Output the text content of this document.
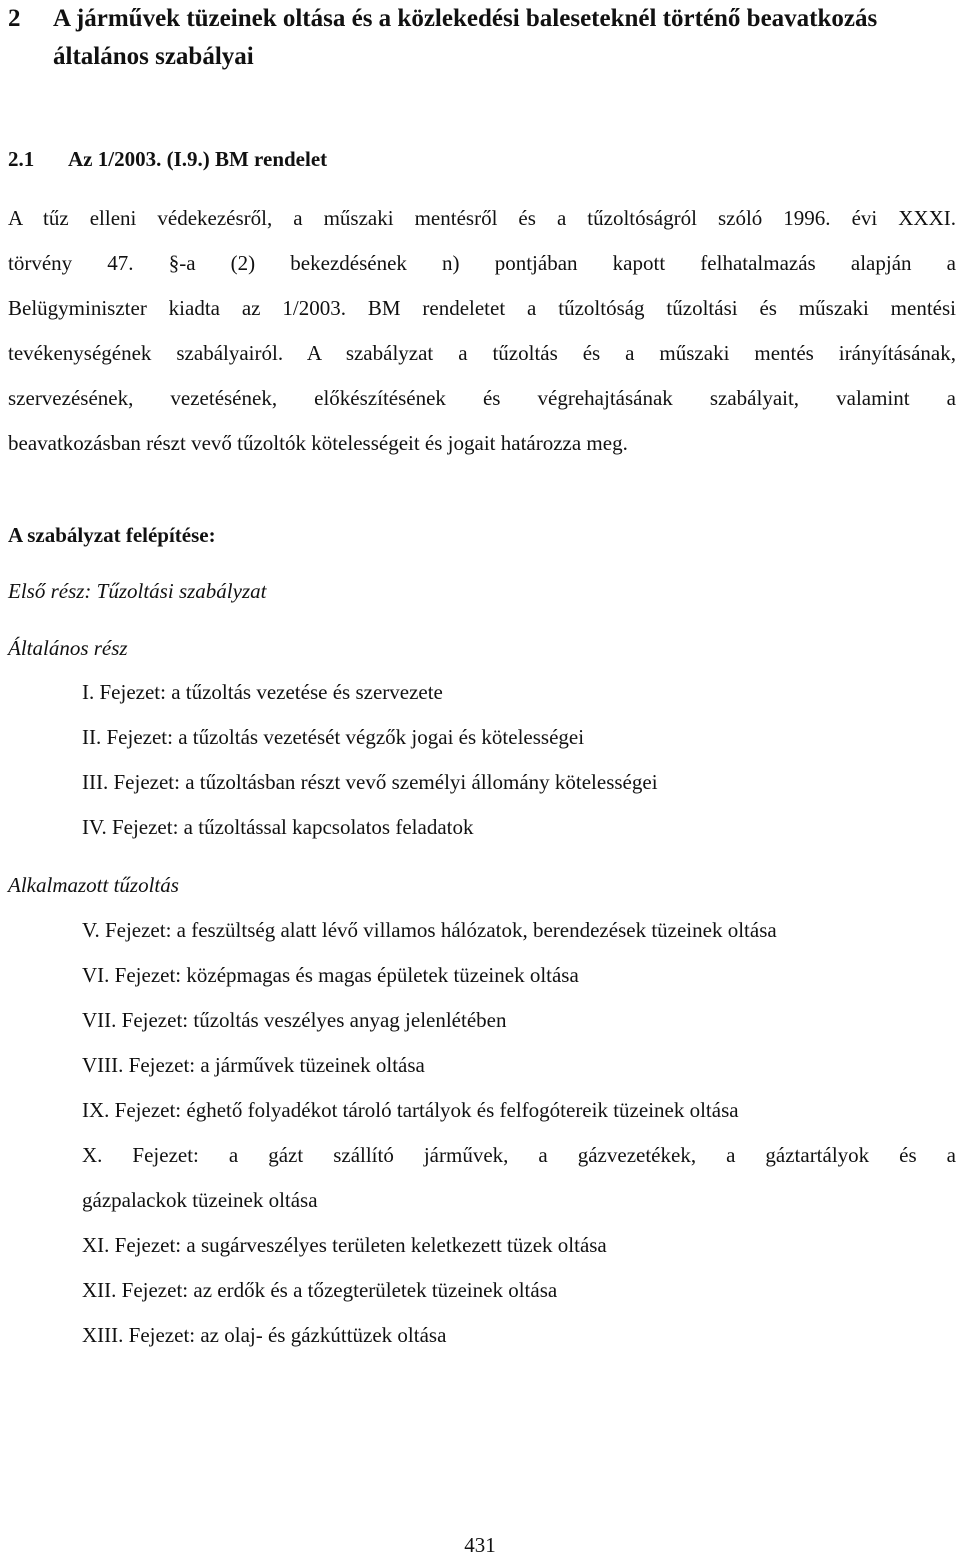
2	A járművek tüzeinek oltása és a közlekedési baleseteknél történő beavatkozás általános szabályai
2.1 Az 1/2003. (I.9.) BM rendelet
A tűz elleni védekezésről, a műszaki mentésről és a tűzoltóságról szóló 1996. évi XXXI.
törvény 47. §-a (2) bekezdésének n) pontjában kapott felhatalmazás alapján a
Belügyminiszter kiadta az 1/2003. BM rendeletet a tűzoltóság tűzoltási és műszaki mentési
tevékenységének szabályairól. A szabályzat a tűzoltás és a műszaki mentés irányításának,
szervezésének, vezetésének, előkészítésének és végrehajtásának szabályait, valamint a
beavatkozásban részt vevő tűzoltók kötelességeit és jogait határozza meg.
A szabályzat felépítése:
Első rész: Tűzoltási szabályzat
Általános rész
I. Fejezet: a tűzoltás vezetése és szervezete
II. Fejezet: a tűzoltás vezetését végzők jogai és kötelességei
III. Fejezet: a tűzoltásban részt vevő személyi állomány kötelességei
IV. Fejezet: a tűzoltással kapcsolatos feladatok
Alkalmazott tűzoltás
V. Fejezet: a feszültség alatt lévő villamos hálózatok, berendezések tüzeinek oltása
VI. Fejezet: középmagas és magas épületek tüzeinek oltása
VII. Fejezet: tűzoltás veszélyes anyag jelenlétében
VIII. Fejezet: a járművek tüzeinek oltása
IX. Fejezet: éghető folyadékot tároló tartályok és felfogótereik tüzeinek oltása
X. Fejezet: a gázt szállító járművek, a gázvezetékek, a gáztartályok és a
gázpalackok tüzeinek oltása
XI. Fejezet: a sugárveszélyes területen keletkezett tüzek oltása
XII. Fejezet: az erdők és a tőzegterületek tüzeinek oltása
XIII. Fejezet: az olaj- és gázkúttüzek oltása
431
